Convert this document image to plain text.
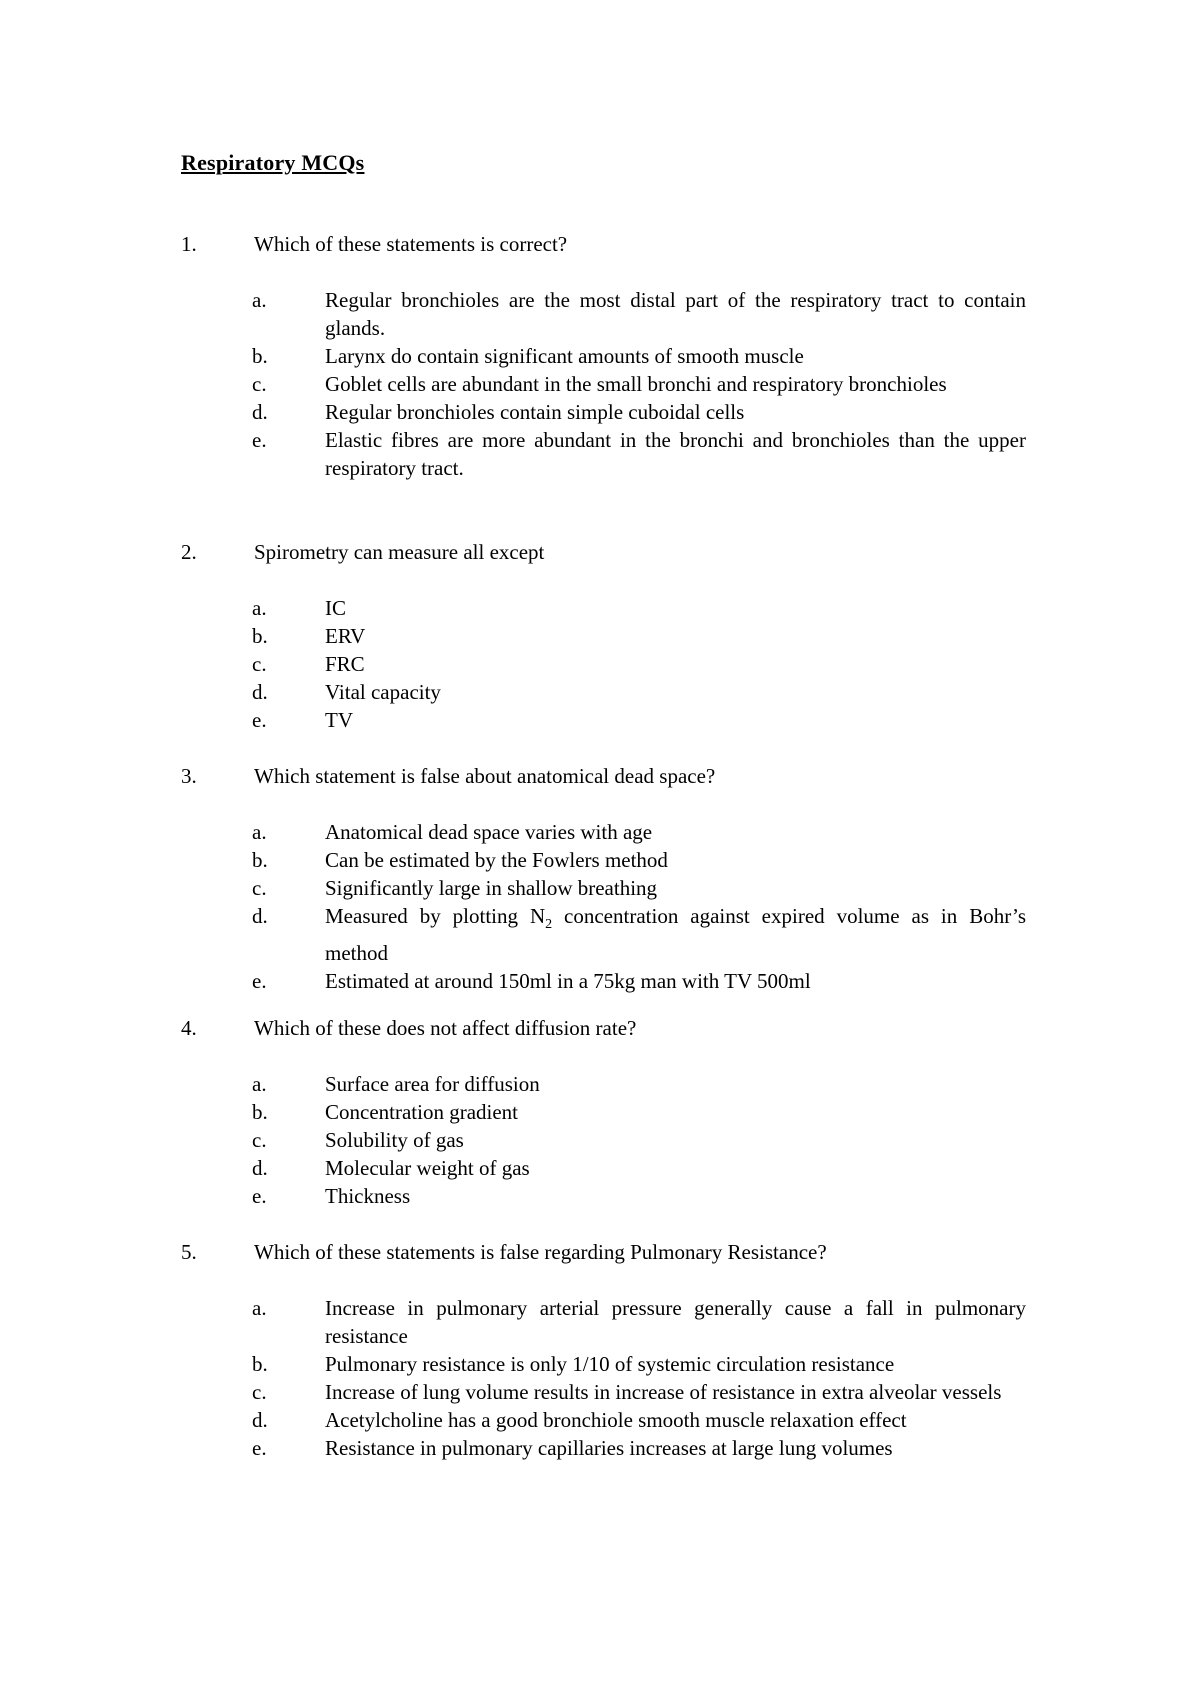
Respiratory MCQs
1.	Which of these statements is correct?
a.	Regular bronchioles are the most distal part of the respiratory tract to contain glands.
b.	Larynx do contain significant amounts of smooth muscle
c.	Goblet cells are abundant in the small bronchi and respiratory bronchioles
d.	Regular bronchioles contain simple cuboidal cells
e.	Elastic fibres are more abundant in the bronchi and bronchioles than the upper respiratory tract.
2.	Spirometry can measure all except
a.	IC
b.	ERV
c.	FRC
d.	Vital capacity
e.	TV
3.	Which statement is false about anatomical dead space?
a.	Anatomical dead space varies with age
b.	Can be estimated by the Fowlers method
c.	Significantly large in shallow breathing
d.	Measured by plotting $N_2$ concentration against expired volume as in Bohr’s method
e.	Estimated at around 150ml in a 75kg man with TV 500ml
4.	Which of these does not affect diffusion rate?
a.	Surface area for diffusion
b.	Concentration gradient
c.	Solubility of gas
d.	Molecular weight of gas
e.	Thickness
5.	Which of these statements is false regarding Pulmonary Resistance?
a.	Increase in pulmonary arterial pressure generally cause a fall in pulmonary resistance
b.	Pulmonary resistance is only 1/10 of systemic circulation resistance
c.	Increase of lung volume results in increase of resistance in extra alveolar vessels
d.	Acetylcholine has a good bronchiole smooth muscle relaxation effect
e.	Resistance in pulmonary capillaries increases at large lung volumes
